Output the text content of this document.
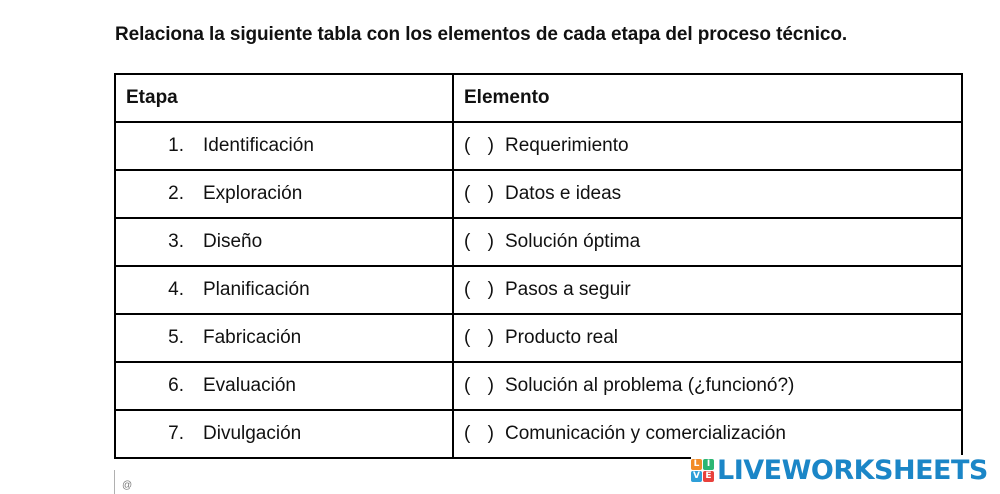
Relaciona la siguiente tabla con los elementos de cada etapa del proceso técnico.
Etapa	Elemento

1. Identificación	( ) Requerimiento

2. Exploración	( ) Datos e ideas

3. Diseño	( ) Solución óptima

4. Planificación	( ) Pasos a seguir

5. Fabricación	( ) Producto real

6. Evaluación	( ) Solución al problema (¿funcionó?)

7. Divulgación	( ) Comunicación y comercialización
@
L I
V E LIVEWORKSHEETS
